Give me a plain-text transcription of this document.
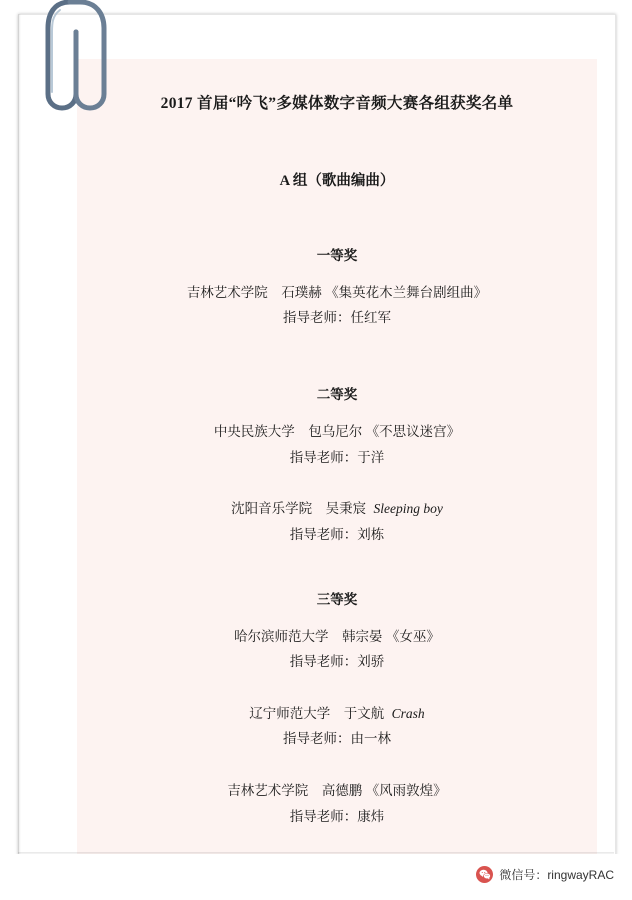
2017 首届“吟飞”多媒体数字音频大赛各组获奖名单
A 组（歌曲编曲）
一等奖

吉林艺术学院 石璞赫 《集英花木兰舞台剧组曲》

指导老师：任红军

二等奖

中央民族大学 包乌尼尔 《不思议迷宫》

指导老师：于洋

沈阳音乐学院 吴秉宸 Sleeping boy

指导老师：刘栋

三等奖

哈尔滨师范大学 韩宗晏 《女巫》

指导老师：刘骄

辽宁师范大学 于文航 Crash

指导老师：由一林

吉林艺术学院 高德鹏 《风雨敦煌》

指导老师：康炜

微信号：ringwayRAC
